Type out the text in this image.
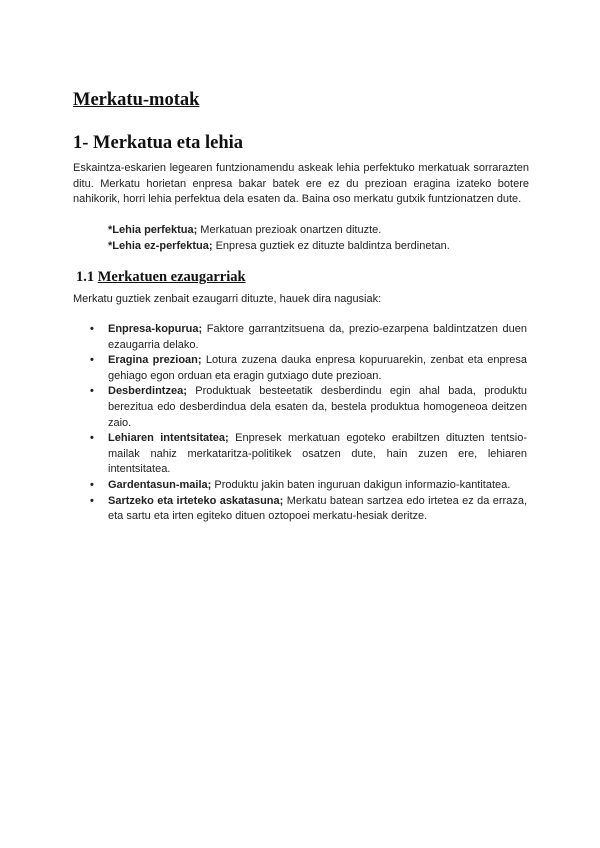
Merkatu-motak
1- Merkatua eta lehia

Eskaintza-eskarien legearen funtzionamendu askeak lehia perfektuko merkatuak sorrarazten ditu. Merkatu horietan enpresa bakar batek ere ez du prezioan eragina izateko botere nahikorik, horri lehia perfektua dela esaten da. Baina oso merkatu gutxik funtzionatzen dute.

*Lehia perfektua; Merkatuan prezioak onartzen dituzte.
*Lehia ez-perfektua; Enpresa guztiek ez dituzte baldintza berdinetan.
1.1 Merkatuen ezaugarriak

Merkatu guztiek zenbait ezaugarri dituzte, hauek dira nagusiak:

• Enpresa-kopurua; Faktore garrantzitsuena da, prezio-ezarpena baldintzatzen duen ezaugarria delako.
• Eragina prezioan; Lotura zuzena dauka enpresa kopuruarekin, zenbat eta enpresa gehiago egon orduan eta eragin gutxiago dute prezioan.
• Desberdintzea; Produktuak besteetatik desberdindu egin ahal bada, produktu berezitua edo desberdindua dela esaten da, bestela produktua homogeneoa deitzen zaio.
• Lehiaren intentsitatea; Enpresek merkatuan egoteko erabiltzen dituzten tentsio-mailak nahiz merkataritza-politikek osatzen dute, hain zuzen ere, lehiaren intentsitatea.
• Gardentasun-maila; Produktu jakin baten inguruan dakigun informazio-kantitatea.
• Sartzeko eta irteteko askatasuna; Merkatu batean sartzea edo irtetea ez da erraza, eta sartu eta irten egiteko dituen oztopoei merkatu-hesiak deritze.
